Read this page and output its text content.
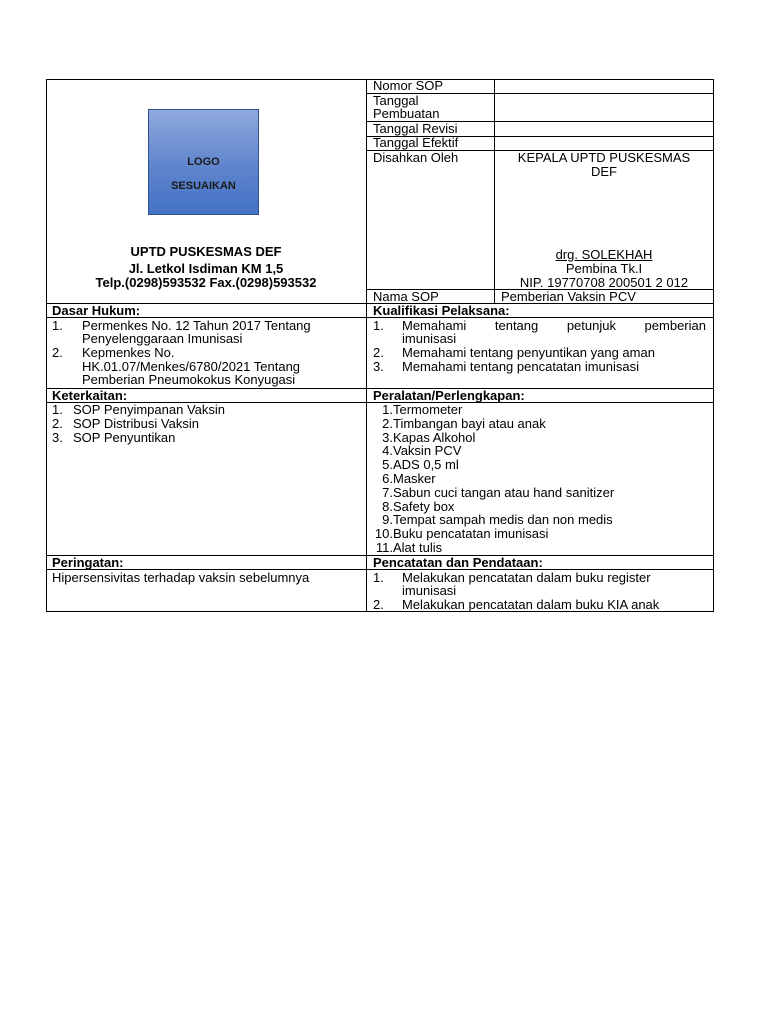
LOGO
SESUAIKAN
UPTD PUSKESMAS DEF
Jl. Letkol Isdiman KM 1,5
Telp.(0298)593532 Fax.(0298)593532
Nomor SOP
Tanggal
Pembuatan
Tanggal Revisi
Tanggal Efektif
Disahkan Oleh	KEPALA UPTD PUSKESMAS
DEF
drg. SOLEKHAH
Pembina Tk.I
NIP. 19770708 200501 2 012
Nama SOP	Pemberian Vaksin PCV
Dasar Hukum:
1. Permenkes No. 12 Tahun 2017 Tentang
Penyelenggaraan Imunisasi
2. Kepmenkes No.
HK.01.07/Menkes/6780/2021 Tentang
Pemberian Pneumokokus Konyugasi
Kualifikasi Pelaksana:
1. Memahami tentang petunjuk pemberian
imunisasi
2. Memahami tentang penyuntikan yang aman
3. Memahami tentang pencatatan imunisasi
Keterkaitan:
1. SOP Penyimpanan Vaksin
2. SOP Distribusi Vaksin
3. SOP Penyuntikan
Peralatan/Perlengkapan:
1. Termometer
2. Timbangan bayi atau anak
3. Kapas Alkohol
4. Vaksin PCV
5. ADS 0,5 ml
6. Masker
7. Sabun cuci tangan atau hand sanitizer
8. Safety box
9. Tempat sampah medis dan non medis
10. Buku pencatatan imunisasi
11. Alat tulis
Peringatan:
Hipersensivitas terhadap vaksin sebelumnya
Pencatatan dan Pendataan:
1. Melakukan pencatatan dalam buku register
imunisasi
2. Melakukan pencatatan dalam buku KIA anak
